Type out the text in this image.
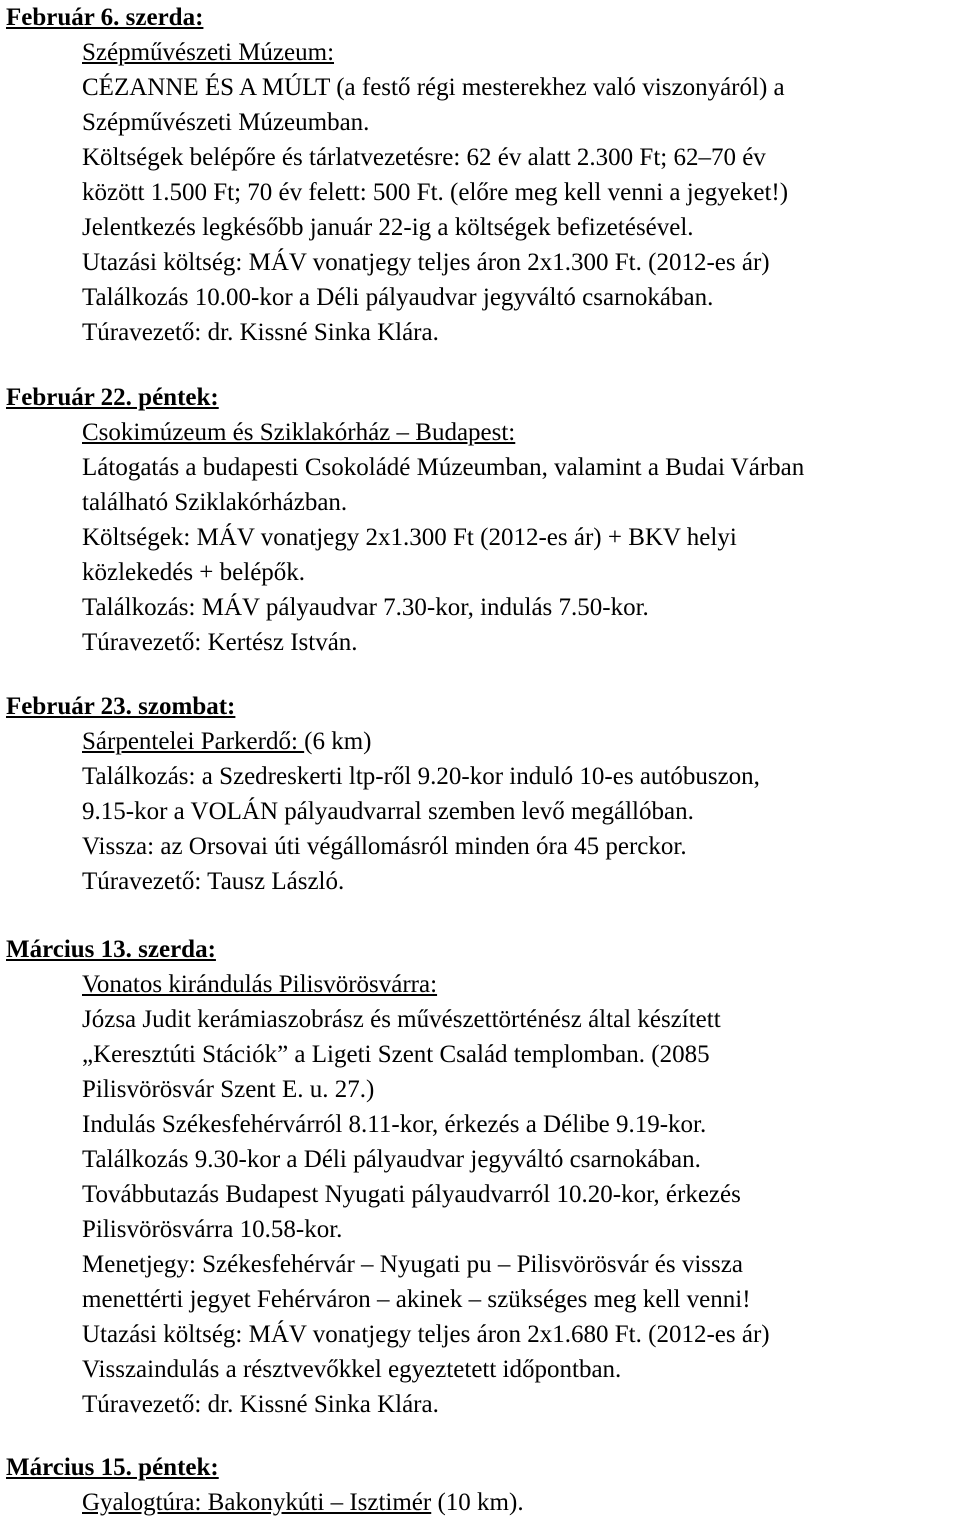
Február 6. szerda:
Szépművészeti Múzeum:
CÉZANNE ÉS A MÚLT (a festő régi mesterekhez való viszonyáról) a
Szépművészeti Múzeumban.
Költségek belépőre és tárlatvezetésre: 62 év alatt 2.300 Ft; 62–70 év
között 1.500 Ft; 70 év felett: 500 Ft. (előre meg kell venni a jegyeket!)
Jelentkezés legkésőbb január 22-ig a költségek befizetésével.
Utazási költség: MÁV vonatjegy teljes áron 2x1.300 Ft. (2012-es ár)
Találkozás 10.00-kor a Déli pályaudvar jegyváltó csarnokában.
Túravezető: dr. Kissné Sinka Klára.
Február 22. péntek:
Csokimúzeum és Sziklakórház – Budapest:
Látogatás a budapesti Csokoládé Múzeumban, valamint a Budai Várban
található Sziklakórházban.
Költségek: MÁV vonatjegy 2x1.300 Ft (2012-es ár) + BKV helyi
közlekedés + belépők.
Találkozás: MÁV pályaudvar 7.30-kor, indulás 7.50-kor.
Túravezető: Kertész István.
Február 23. szombat:
Sárpentelei Parkerdő: (6 km)
Találkozás: a Szedreskerti ltp-ről 9.20-kor induló 10-es autóbuszon,
9.15-kor a VOLÁN pályaudvarral szemben levő megállóban.
Vissza: az Orsovai úti végállomásról minden óra 45 perckor.
Túravezető: Tausz László.
Március 13. szerda:
Vonatos kirándulás Pilisvörösvárra:
Józsa Judit kerámiaszobrász és művészettörténész által készített
„Keresztúti Stációk” a Ligeti Szent Család templomban. (2085
Pilisvörösvár Szent E. u. 27.)
Indulás Székesfehérvárról 8.11-kor, érkezés a Délibe 9.19-kor.
Találkozás 9.30-kor a Déli pályaudvar jegyváltó csarnokában.
Továbbutazás Budapest Nyugati pályaudvarról 10.20-kor, érkezés
Pilisvörösvárra 10.58-kor.
Menetjegy: Székesfehérvár – Nyugati pu – Pilisvörösvár és vissza
menettérti jegyet Fehérváron – akinek – szükséges meg kell venni!
Utazási költség: MÁV vonatjegy teljes áron 2x1.680 Ft. (2012-es ár)
Visszaindulás a résztvevőkkel egyeztetett időpontban.
Túravezető: dr. Kissné Sinka Klára.
Március 15. péntek:
Gyalogtúra: Bakonykúti – Isztimér (10 km).
